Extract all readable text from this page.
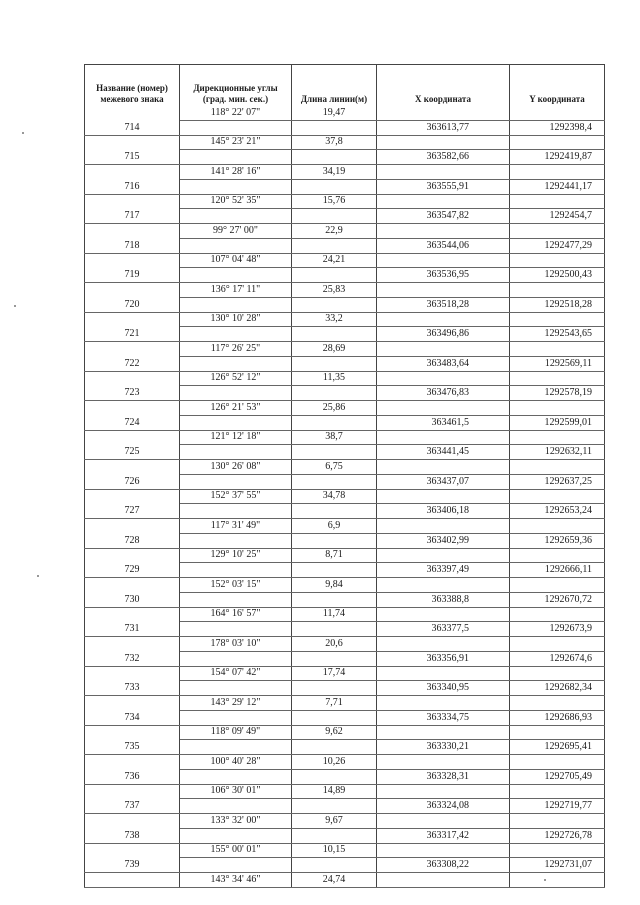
Название (номер) межевого знака	Дирекционные углы (град. мин. сек.)	Длина линии(м)	X координата	Y координата
	118° 22' 07"	19,47		
714			363613,77	1292398,4
	145° 23' 21"	37,8		
715			363582,66	1292419,87
	141° 28' 16"	34,19		
716			363555,91	1292441,17
	120° 52' 35"	15,76		
717			363547,82	1292454,7
	99° 27' 00"	22,9		
718			363544,06	1292477,29
	107° 04' 48"	24,21		
719			363536,95	1292500,43
	136° 17' 11"	25,83		
720			363518,28	1292518,28
	130° 10' 28"	33,2		
721			363496,86	1292543,65
	117° 26' 25"	28,69		
722			363483,64	1292569,11
	126° 52' 12"	11,35		
723			363476,83	1292578,19
	126° 21' 53"	25,86		
724			363461,5	1292599,01
	121° 12' 18"	38,7		
725			363441,45	1292632,11
	130° 26' 08"	6,75		
726			363437,07	1292637,25
	152° 37' 55"	34,78		
727			363406,18	1292653,24
	117° 31' 49"	6,9		
728			363402,99	1292659,36
	129° 10' 25"	8,71		
729			363397,49	1292666,11
	152° 03' 15"	9,84		
730			363388,8	1292670,72
	164° 16' 57"	11,74		
731			363377,5	1292673,9
	178° 03' 10"	20,6		
732			363356,91	1292674,6
	154° 07' 42"	17,74		
733			363340,95	1292682,34
	143° 29' 12"	7,71		
734			363334,75	1292686,93
	118° 09' 49"	9,62		
735			363330,21	1292695,41
	100° 40' 28"	10,26		
736			363328,31	1292705,49
	106° 30' 01"	14,89		
737			363324,08	1292719,77
	133° 32' 00"	9,67		
738			363317,42	1292726,78
	155° 00' 01"	10,15		
739			363308,22	1292731,07
	143° 34' 46"	24,74		
